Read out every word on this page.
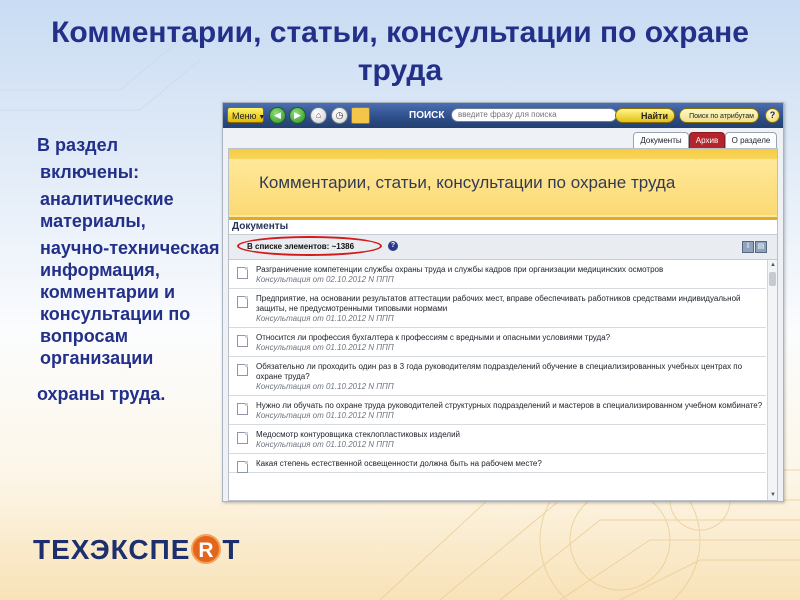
Комментарии, статьи, консультации по охране труда
В раздел
включены:
аналитические материалы,
научно-техническая информация, комментарии и консультации по вопросам организации
охраны труда.
Меню ▼ ◀	▶	⌂	◷	ПОИСК
введите фразу для поиска	Найти	Поиск по атрибутам	?
Документы	Архив	О разделе
Комментарии, статьи, консультации по охране труда
Документы
В списке элементов: ~1386	?	⇩ ▤
Разграничение компетенции службы охраны труда и службы кадров при организации медицинских осмотров
Консультация от 02.10.2012 N ППП
Предприятие, на основании результатов аттестации рабочих мест, вправе обеспечивать работников средствами индивидуальной защиты, не предусмотренными типовыми нормами
Консультация от 01.10.2012 N ППП
Относится ли профессия бухгалтера к профессиям с вредными и опасными условиями труда?
Консультация от 01.10.2012 N ППП
Обязательно ли проходить один раз в 3 года руководителям подразделений обучение в специализированных учебных центрах по охране труда?
Консультация от 01.10.2012 N ППП
Нужно ли обучать по охране труда руководителей структурных подразделений и мастеров в специализированном учебном комбинате?
Консультация от 01.10.2012 N ППП
Медосмотр контуровщика стеклопластиковых изделий
Консультация от 01.10.2012 N ППП
Какая степень естественной освещенности должна быть на рабочем месте?
▲
▼
ТЕХЭКСПЕ R Т
